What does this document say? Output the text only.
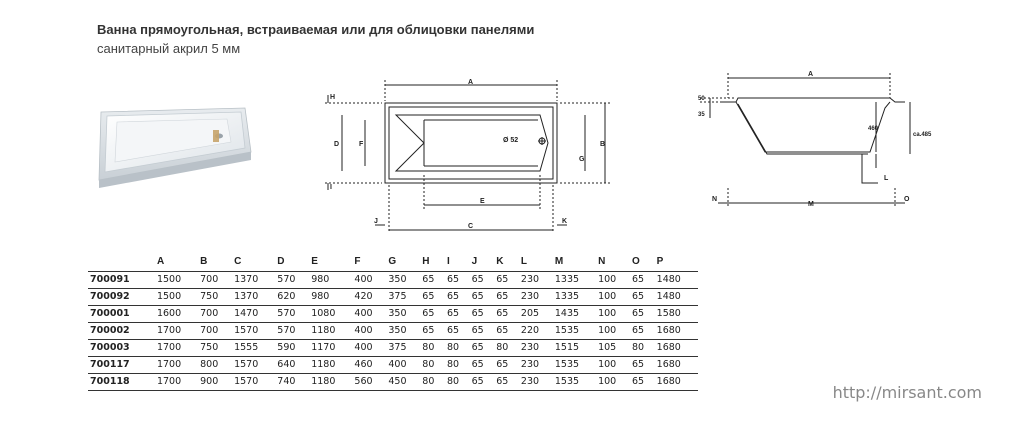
Ванна прямоугольная, встраиваемая или для облицовки панелями
санитарный акрил 5 мм
A
B
G
D	F
H
I
E
C
J	K
Ø 52
A
M
N	O
L
50
35
460
ca.485
	A	B	C	D	E	F	G	H	I	J	K	L	M	N	O	P
700091	1500	700	1370	570	980	400	350	65	65	65	65	230	1335	100	65	1480
700092	1500	750	1370	620	980	420	375	65	65	65	65	230	1335	100	65	1480
700001	1600	700	1470	570	1080	400	350	65	65	65	65	205	1435	100	65	1580
700002	1700	700	1570	570	1180	400	350	65	65	65	65	220	1535	100	65	1680
700003	1700	750	1555	590	1170	400	375	80	80	65	80	230	1515	105	80	1680
700117	1700	800	1570	640	1180	460	400	80	80	65	65	230	1535	100	65	1680
700118	1700	900	1570	740	1180	560	450	80	80	65	65	230	1535	100	65	1680
http://mirsant.com
